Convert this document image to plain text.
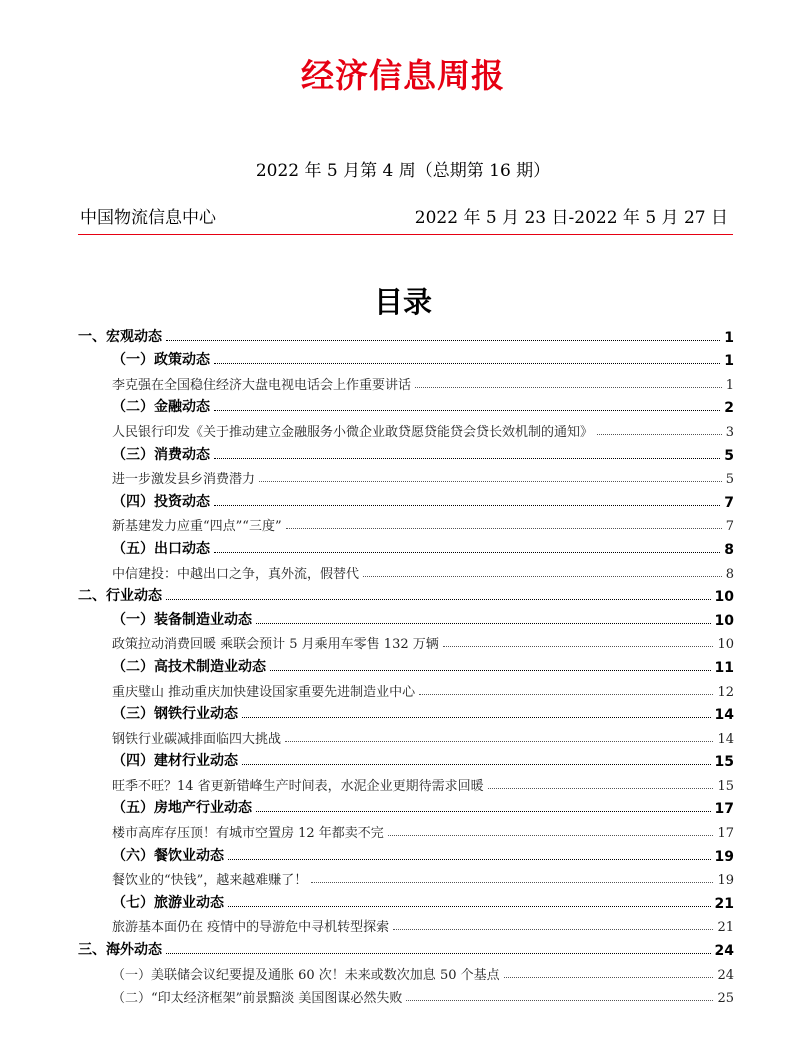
经济信息周报
2022 年 5 月第 4 周（总期第 16 期）
中国物流信息中心	2022 年 5 月 23 日-2022 年 5 月 27 日
目录
一、宏观动态	1
（一）政策动态	1
李克强在全国稳住经济大盘电视电话会上作重要讲话	1
（二）金融动态	2
人民银行印发《关于推动建立金融服务小微企业敢贷愿贷能贷会贷长效机制的通知》	3
（三）消费动态	5
进一步激发县乡消费潜力	5
（四）投资动态	7
新基建发力应重“四点”“三度”	7
（五）出口动态	8
中信建投：中越出口之争，真外流，假替代	8
二、行业动态	10
（一）装备制造业动态	10
政策拉动消费回暖 乘联会预计 5 月乘用车零售 132 万辆	10
（二）高技术制造业动态	11
重庆璧山 推动重庆加快建设国家重要先进制造业中心	12
（三）钢铁行业动态	14
钢铁行业碳减排面临四大挑战	14
（四）建材行业动态	15
旺季不旺？14 省更新错峰生产时间表，水泥企业更期待需求回暖	15
（五）房地产行业动态	17
楼市高库存压顶！有城市空置房 12 年都卖不完	17
（六）餐饮业动态	19
餐饮业的“快钱”，越来越难赚了！	19
（七）旅游业动态	21
旅游基本面仍在 疫情中的导游危中寻机转型探索	21
三、海外动态	24
（一）美联储会议纪要提及通胀 60 次！未来或数次加息 50 个基点	24
（二）“印太经济框架”前景黯淡 美国图谋必然失败	25
